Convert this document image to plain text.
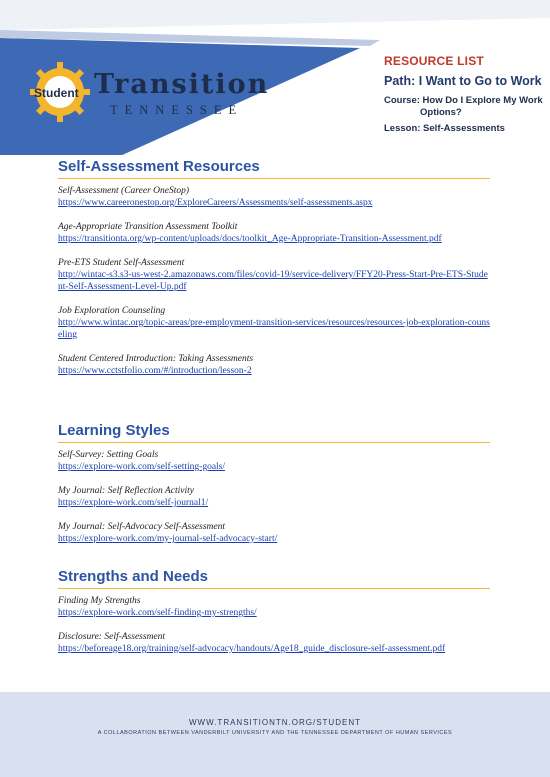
Student Transition
TENNESSEE
RESOURCE LIST
Path: I Want to Go to Work
Course: How Do I Explore My Work
Options?
Lesson: Self-Assessments
Self-Assessment Resources
Self-Assessment (Career OneStop)
https://www.careeronestop.org/ExploreCareers/Assessments/self-assessments.aspx
Age-Appropriate Transition Assessment Toolkit
https://transitionta.org/wp-content/uploads/docs/toolkit_Age-Appropriate-Transition-Assessment.pdf
Pre-ETS Student Self-Assessment
http://wintac-s3.s3-us-west-2.amazonaws.com/files/covid-19/service-delivery/FFY20-Press-Start-Pre-ETS-Student-Self-Assessment-Level-Up.pdf
Job Exploration Counseling
http://www.wintac.org/topic-areas/pre-employment-transition-services/resources/resources-job-exploration-counseling
Student Centered Introduction: Taking Assessments
https://www.cctstfolio.com/#/introduction/lesson-2
Learning Styles
Self-Survey: Setting Goals
https://explore-work.com/self-setting-goals/
My Journal: Self Reflection Activity
https://explore-work.com/self-journal1/
My Journal: Self-Advocacy Self-Assessment
https://explore-work.com/my-journal-self-advocacy-start/
Strengths and Needs
Finding My Strengths
https://explore-work.com/self-finding-my-strengths/
Disclosure: Self-Assessment
https://beforeage18.org/training/self-advocacy/handouts/Age18_guide_disclosure-self-assessment.pdf
WWW.TRANSITIONTN.ORG/STUDENT
A COLLABORATION BETWEEN VANDERBILT UNIVERSITY AND THE TENNESSEE DEPARTMENT OF HUMAN SERVICES
